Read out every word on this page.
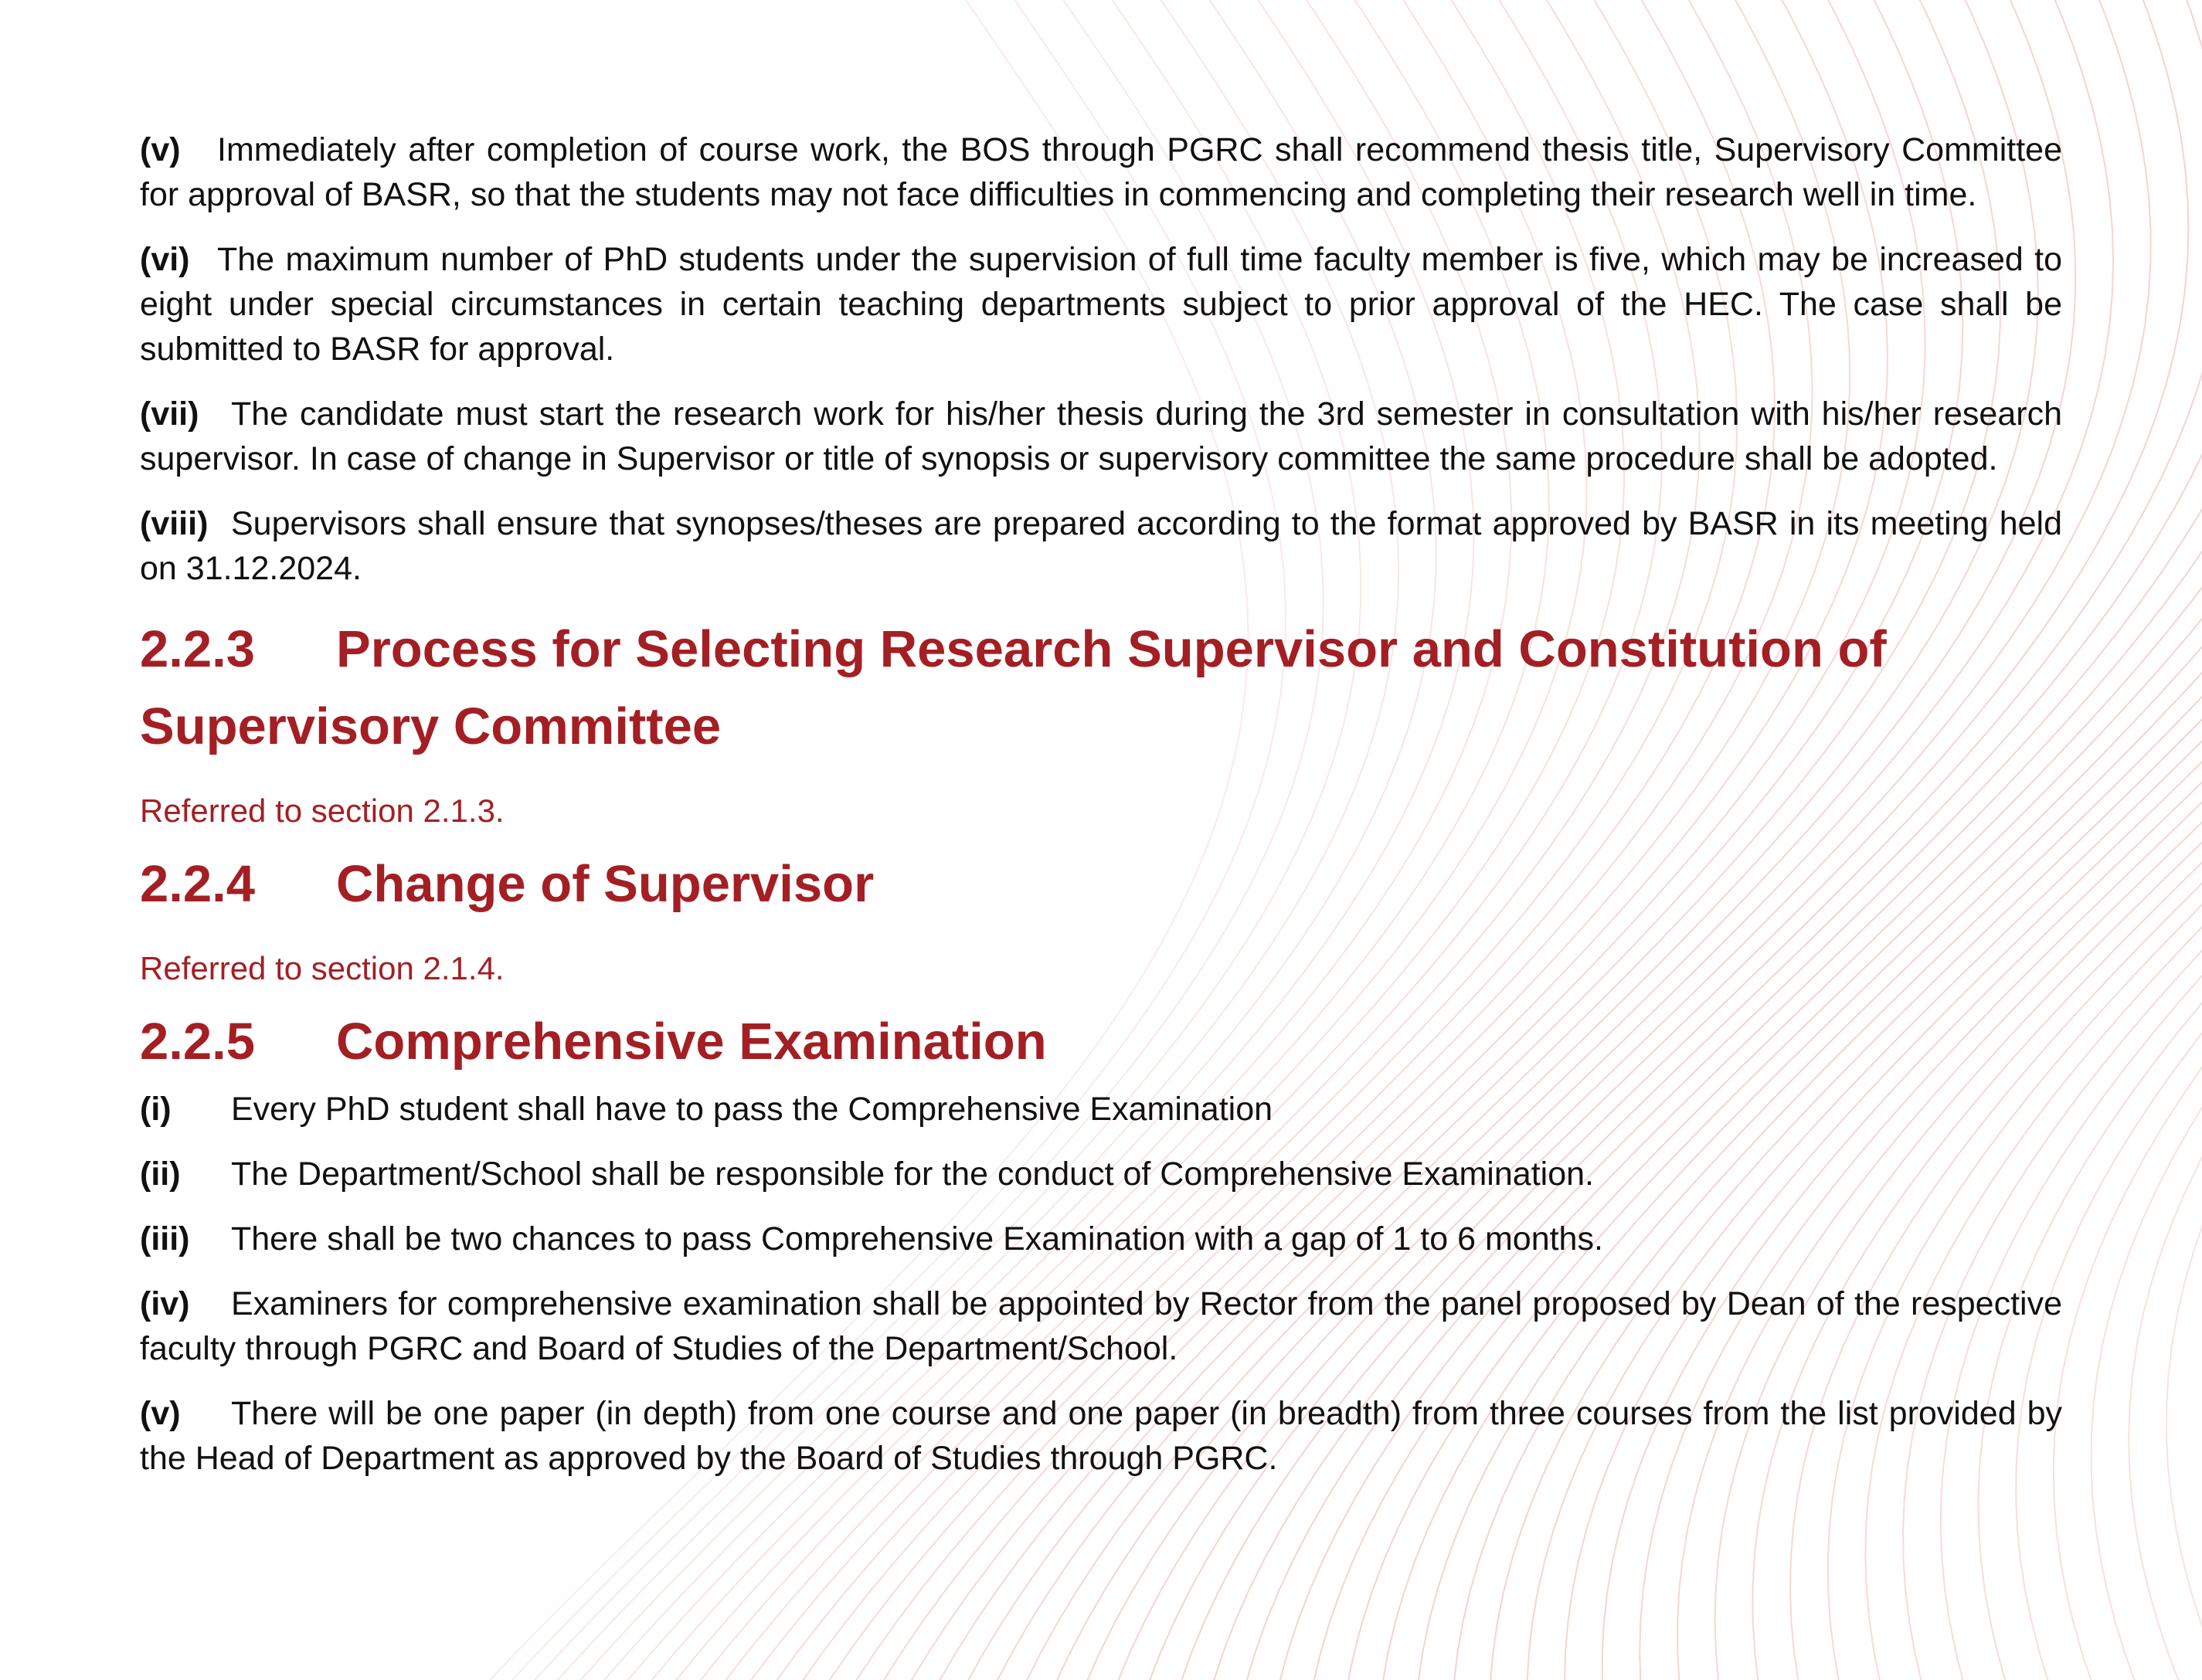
(v) Immediately after completion of course work, the BOS through PGRC shall recommend thesis title, Supervisory Committee for approval of BASR, so that the students may not face difficulties in commencing and completing their research well in time.

(vi) The maximum number of PhD students under the supervision of full time faculty member is five, which may be increased to eight under special circumstances in certain teaching departments subject to prior approval of the HEC. The case shall be submitted to BASR for approval.

(vii) The candidate must start the research work for his/her thesis during the 3rd semester in consultation with his/her research supervisor. In case of change in Supervisor or title of synopsis or supervisory committee the same procedure shall be adopted.

(viii) Supervisors shall ensure that synopses/theses are prepared according to the format approved by BASR in its meeting held on 31.12.2024.

2.2.3 Process for Selecting Research Supervisor and Constitution of Supervisory Committee

Referred to section 2.1.3.

2.2.4 Change of Supervisor

Referred to section 2.1.4.

2.2.5 Comprehensive Examination

(i) Every PhD student shall have to pass the Comprehensive Examination

(ii) The Department/School shall be responsible for the conduct of Comprehensive Examination.

(iii) There shall be two chances to pass Comprehensive Examination with a gap of 1 to 6 months.

(iv) Examiners for comprehensive examination shall be appointed by Rector from the panel proposed by Dean of the respective faculty through PGRC and Board of Studies of the Department/School.

(v) There will be one paper (in depth) from one course and one paper (in breadth) from three courses from the list provided by the Head of Department as approved by the Board of Studies through PGRC.
